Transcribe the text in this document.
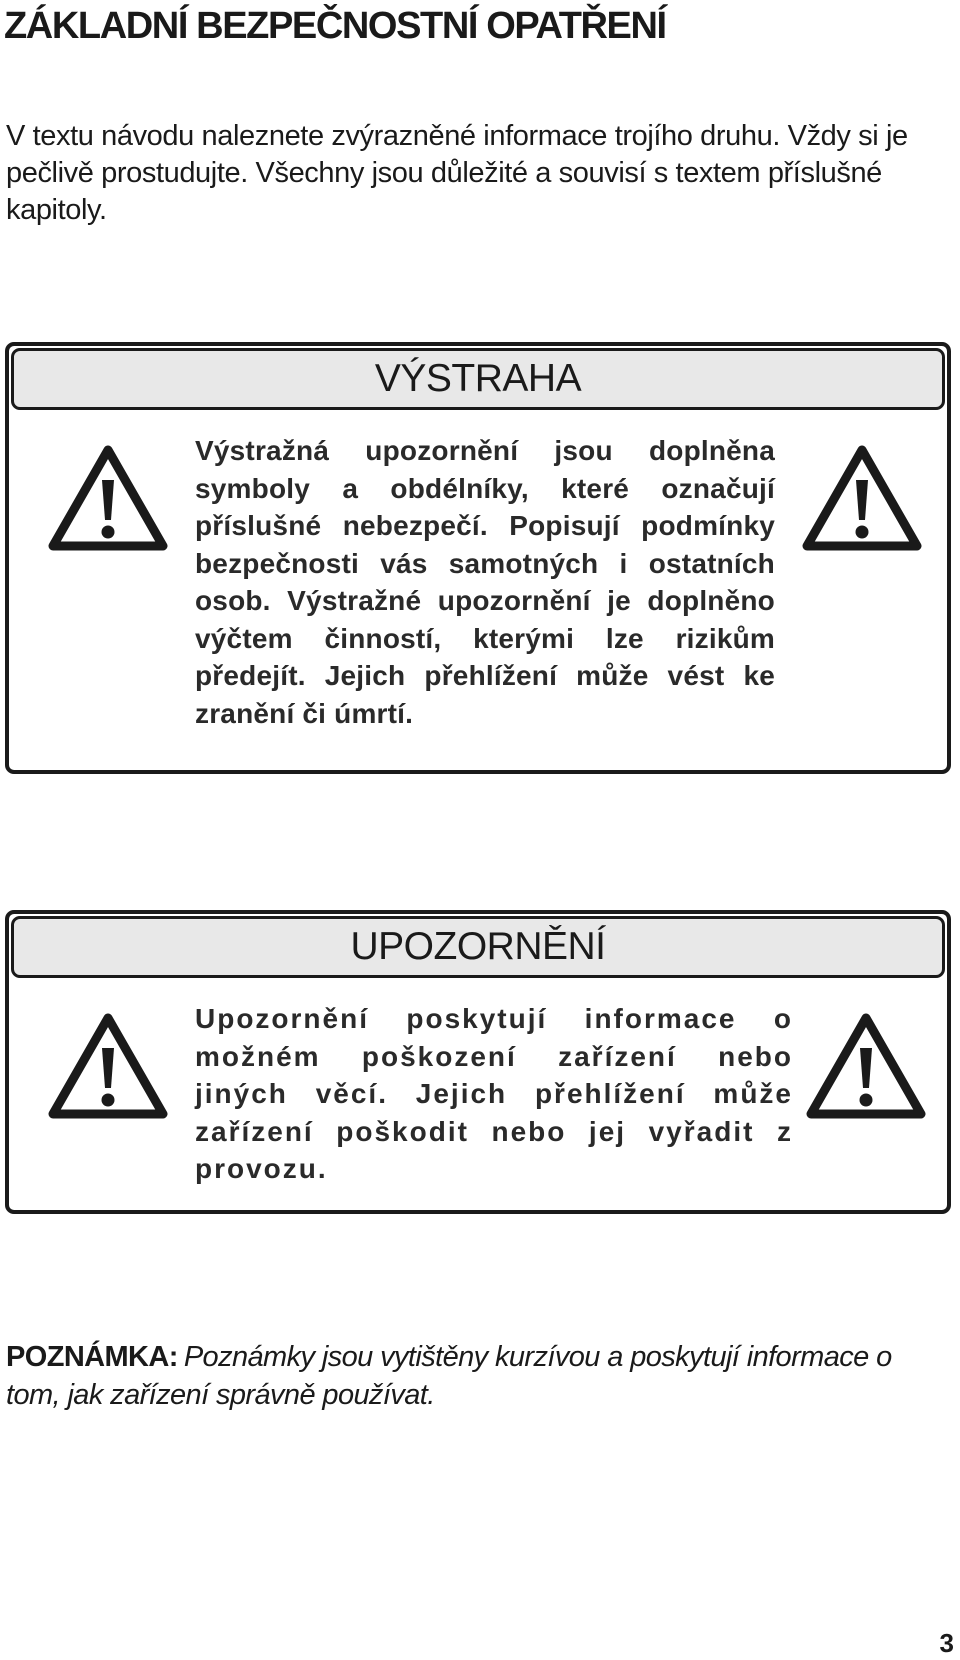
ZÁKLADNÍ BEZPEČNOSTNÍ OPATŘENÍ

V textu návodu naleznete zvýrazněné informace trojího druhu. Vždy si je pečlivě prostudujte. Všechny jsou důležité a souvisí s textem příslušné kapitoly.

VÝSTRAHA

Výstražná upozornění jsou doplněna symboly a obdélníky, které označují příslušné nebezpečí. Popisují podmínky bezpečnosti vás samotných i ostatních osob. Výstražné upozornění je doplněno výčtem činností, kterými lze rizikům předejít. Jejich přehlížení může vést ke zranění či úmrtí.

UPOZORNĚNÍ

Upozornění poskytují informace o možném poškození zařízení nebo jiných věcí. Jejich přehlížení může zařízení poškodit nebo jej vyřadit z provozu.

POZNÁMKA: Poznámky jsou vytištěny kurzívou a poskytují informace o tom, jak zařízení správně používat.

3
